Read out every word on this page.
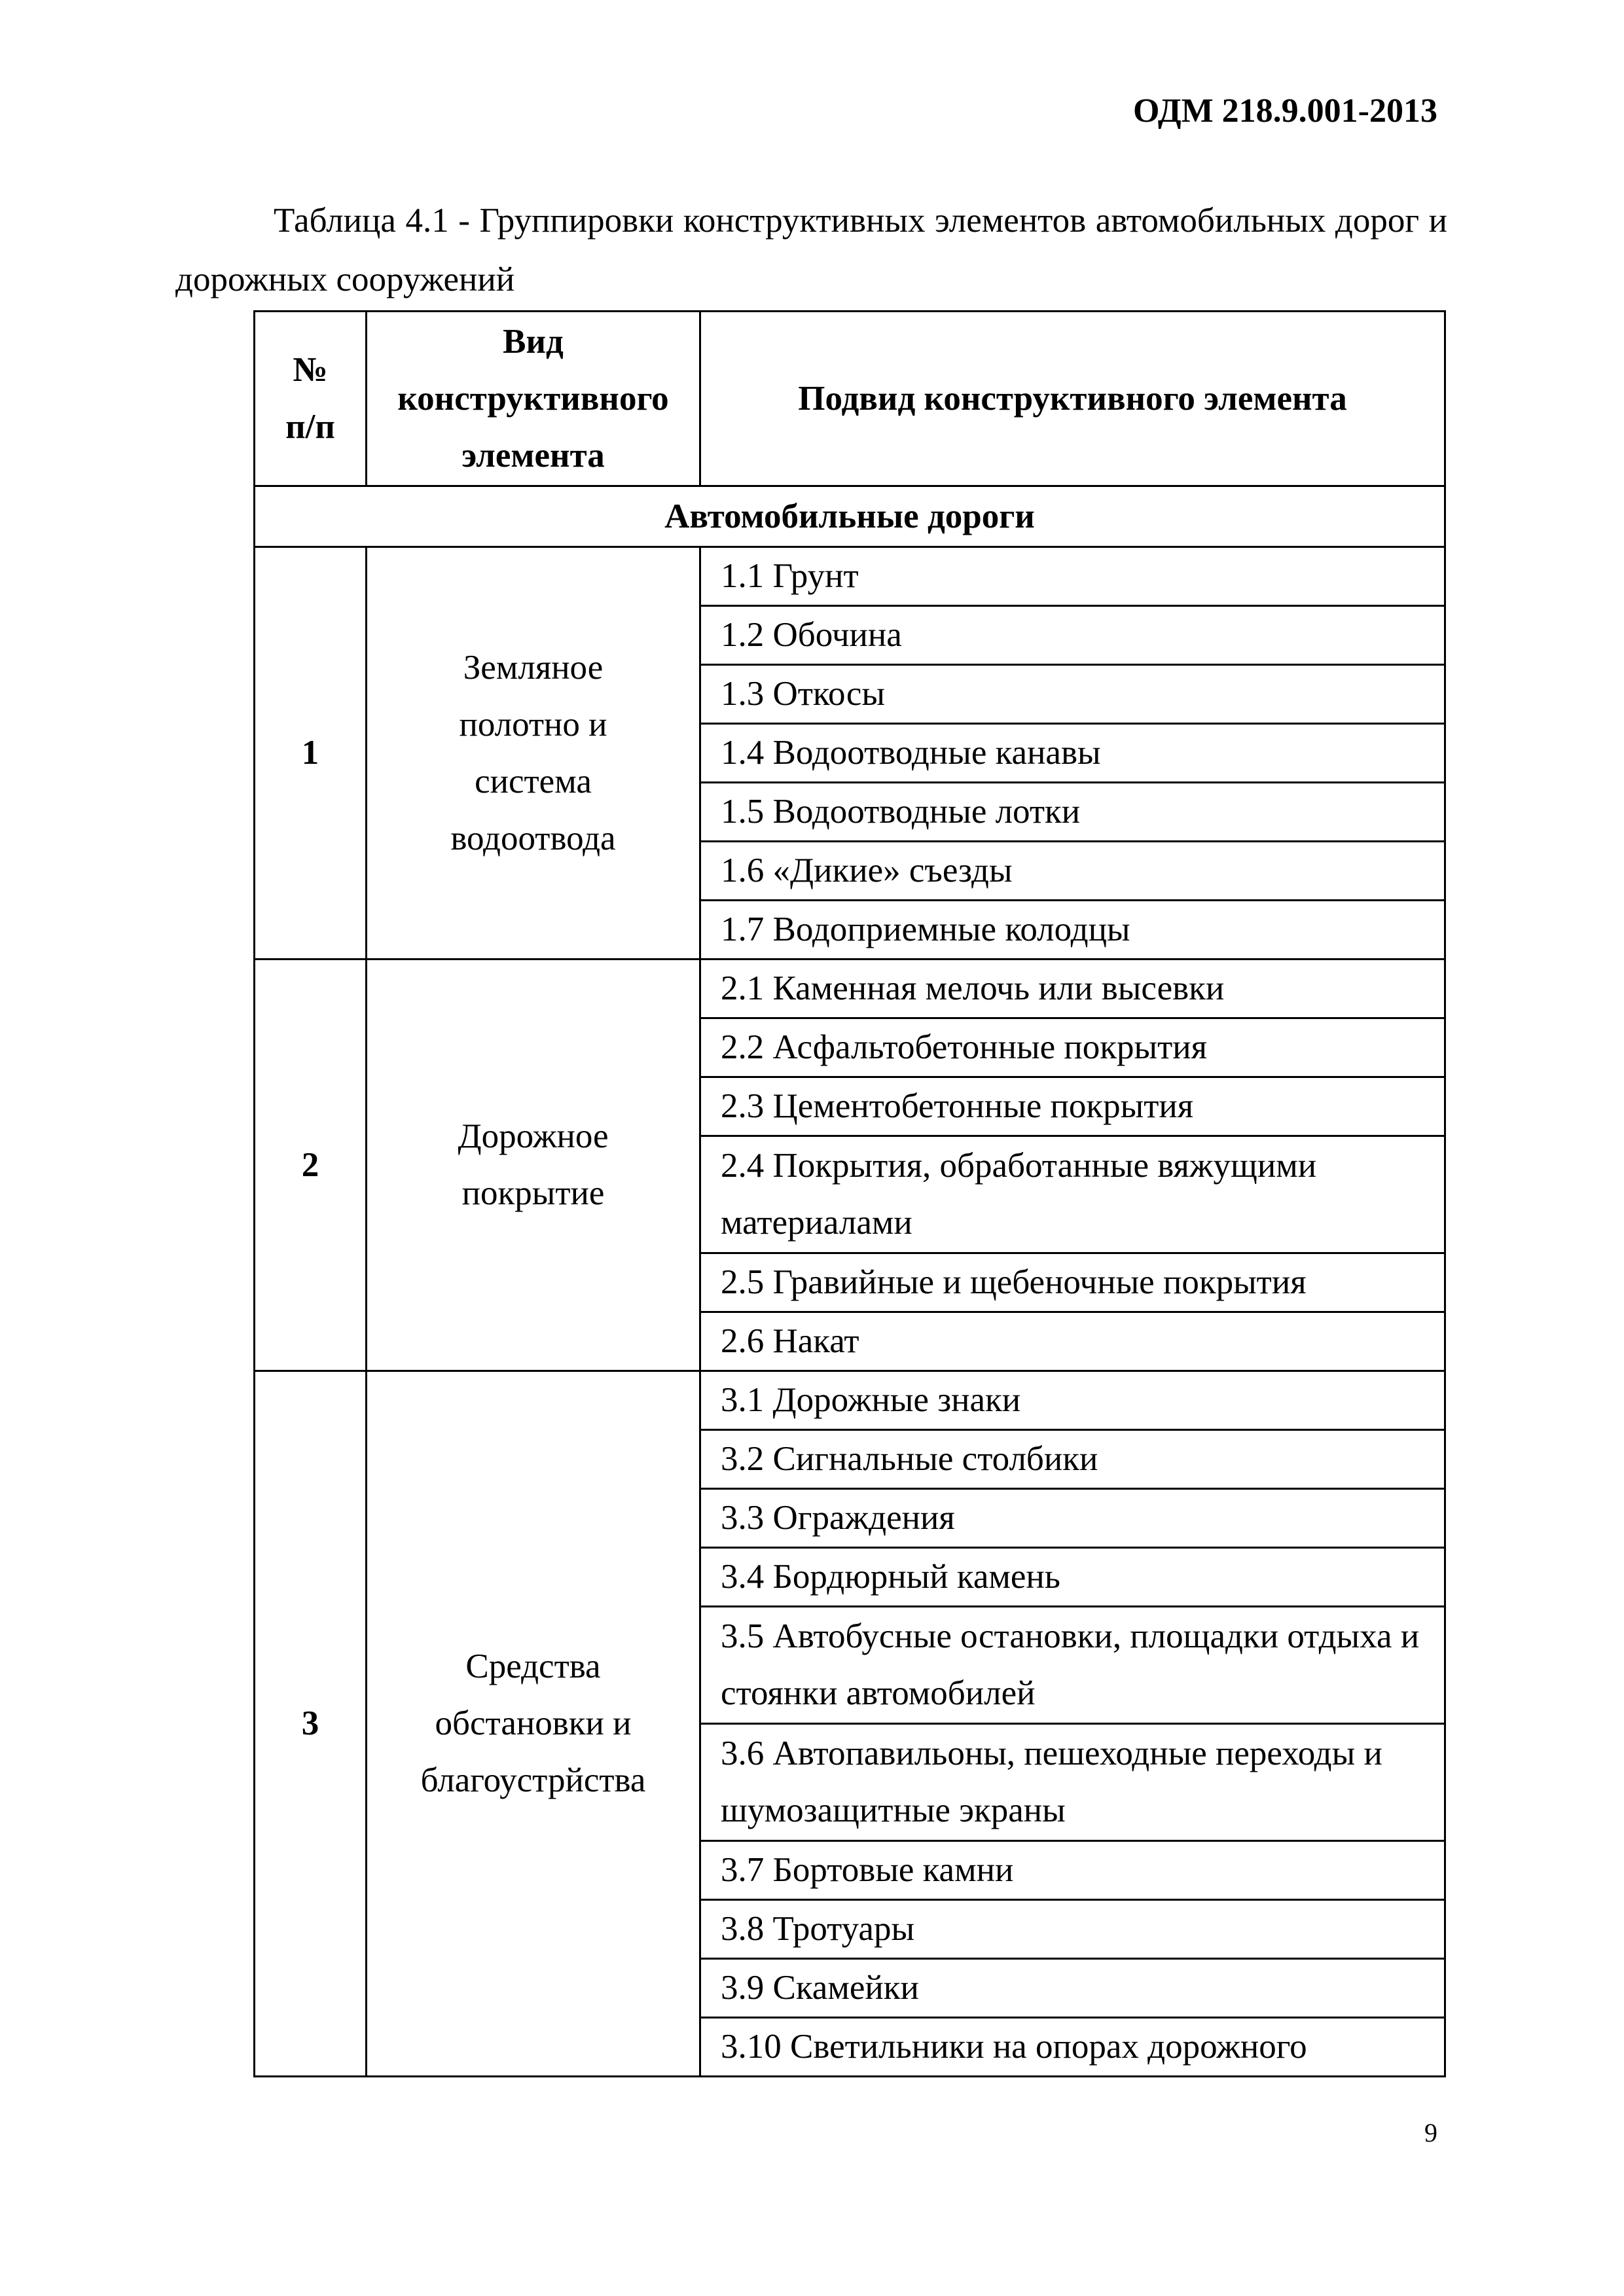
ОДМ 218.9.001-2013
Таблица 4.1 - Группировки конструктивных элементов автомобильных дорог и дорожных сооружений
№ п/п	Вид конструктивного элемента	Подвид конструктивного элемента
Автомобильные дороги		
1	Земляное полотно и система водоотвода	1.1 Грунт
		1.2 Обочина
		1.3 Откосы
		1.4 Водоотводные канавы
		1.5 Водоотводные лотки
		1.6 «Дикие» съезды
		1.7 Водоприемные колодцы
2	Дорожное покрытие	2.1 Каменная мелочь или высевки
		2.2 Асфальтобетонные покрытия
		2.3 Цементобетонные покрытия
		2.4 Покрытия, обработанные вяжущими материалами
		2.5 Гравийные и щебеночные покрытия
		2.6 Накат
3	Средства обстановки и благоустрйства	3.1 Дорожные знаки
		3.2 Сигнальные столбики
		3.3 Ограждения
		3.4 Бордюрный камень
		3.5 Автобусные остановки, площадки отдыха и стоянки автомобилей
		3.6 Автопавильоны, пешеходные переходы и шумозащитные экраны
		3.7 Бортовые камни
		3.8 Тротуары
		3.9 Скамейки
		3.10 Светильники на опорах дорожного
9
